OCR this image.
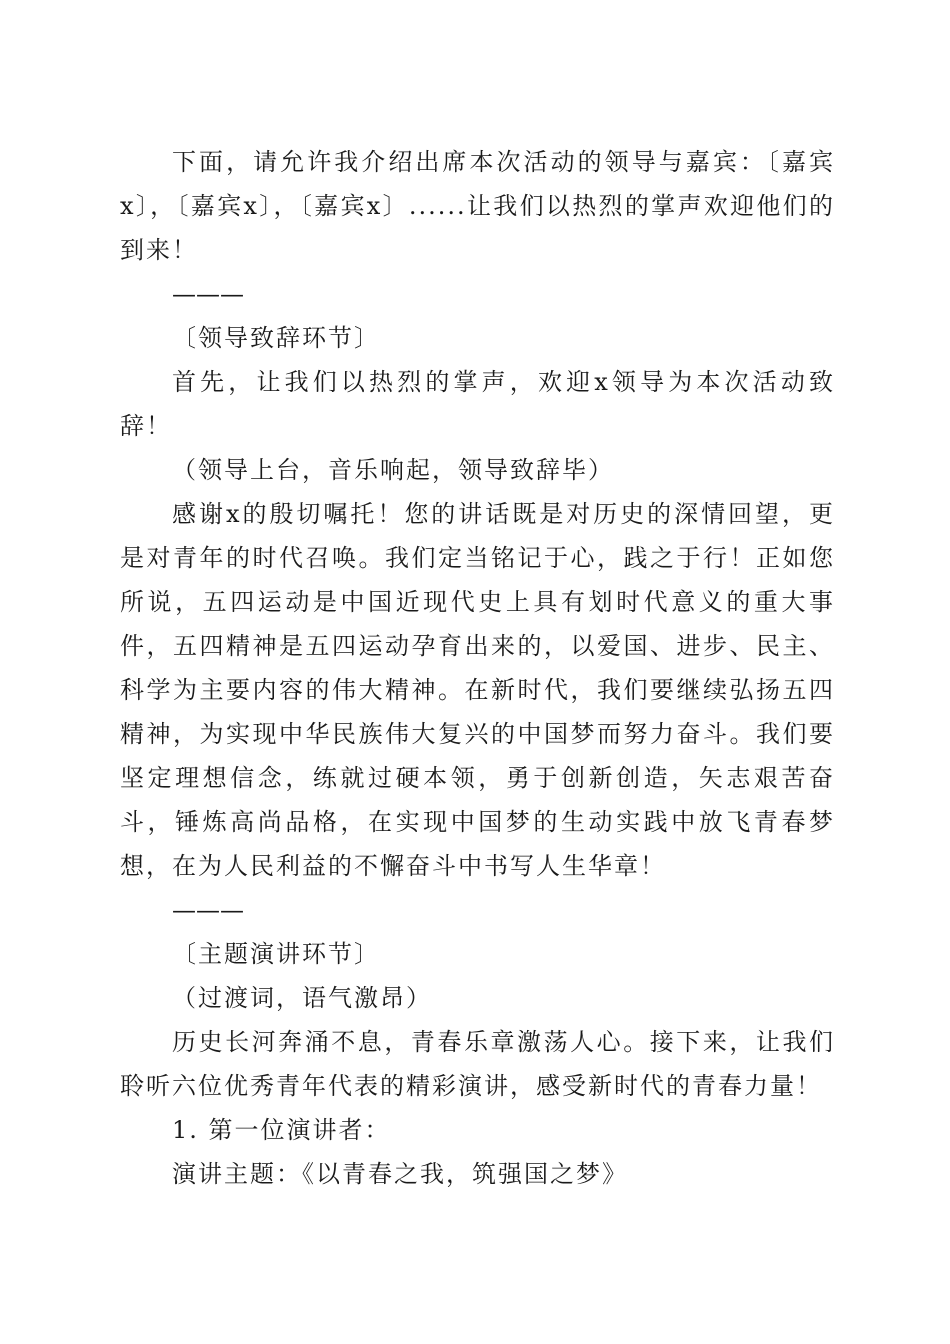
下面，请允许我介绍出席本次活动的领导与嘉宾：〔嘉宾x〕，〔嘉宾x〕，〔嘉宾x〕......让我们以热烈的掌声欢迎他们的到来！

———

〔领导致辞环节〕

首先，让我们以热烈的掌声，欢迎x领导为本次活动致辞！

（领导上台，音乐响起，领导致辞毕）

感谢x的殷切嘱托！您的讲话既是对历史的深情回望，更是对青年的时代召唤。我们定当铭记于心，践之于行！正如您所说，五四运动是中国近现代史上具有划时代意义的重大事件，五四精神是五四运动孕育出来的，以爱国、进步、民主、科学为主要内容的伟大精神。在新时代，我们要继续弘扬五四精神，为实现中华民族伟大复兴的中国梦而努力奋斗。我们要坚定理想信念，练就过硬本领，勇于创新创造，矢志艰苦奋斗，锤炼高尚品格，在实现中国梦的生动实践中放飞青春梦想，在为人民利益的不懈奋斗中书写人生华章！

———

〔主题演讲环节〕

（过渡词，语气激昂）

历史长河奔涌不息，青春乐章激荡人心。接下来，让我们聆听六位优秀青年代表的精彩演讲，感受新时代的青春力量！

1. 第一位演讲者：

演讲主题：《以青春之我，筑强国之梦》
